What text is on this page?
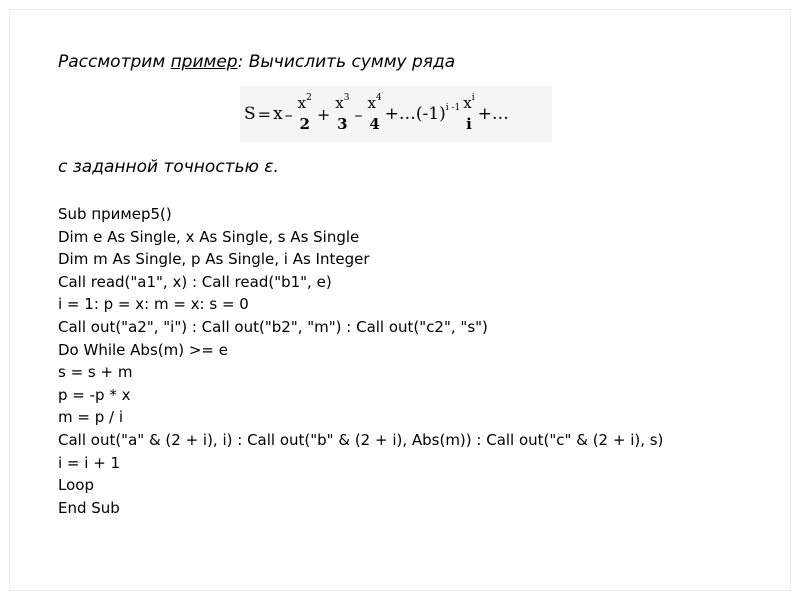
Рассмотрим пример: Вычислить сумму ряда
S = x –
$x^2$
2
+
$x^3$
3
–
$x^4$
4 +… $(-1)^{i -1}$ $x^i$
i +…
с заданной точностью ε.
Sub пример5()
Dim e As Single, x As Single, s As Single
Dim m As Single, p As Single, i As Integer
Call read("a1", x) : Call read("b1", e)
i = 1: p = x: m = x: s = 0
Call out("a2", "i") : Call out("b2", "m") : Call out("c2", "s")
Do While Abs(m) >= e
s = s + m
p = -p * x
m = p / i
Call out("a" & (2 + i), i) : Call out("b" & (2 + i), Abs(m)) : Call out("c" & (2 + i), s)
i = i + 1
Loop
End Sub
